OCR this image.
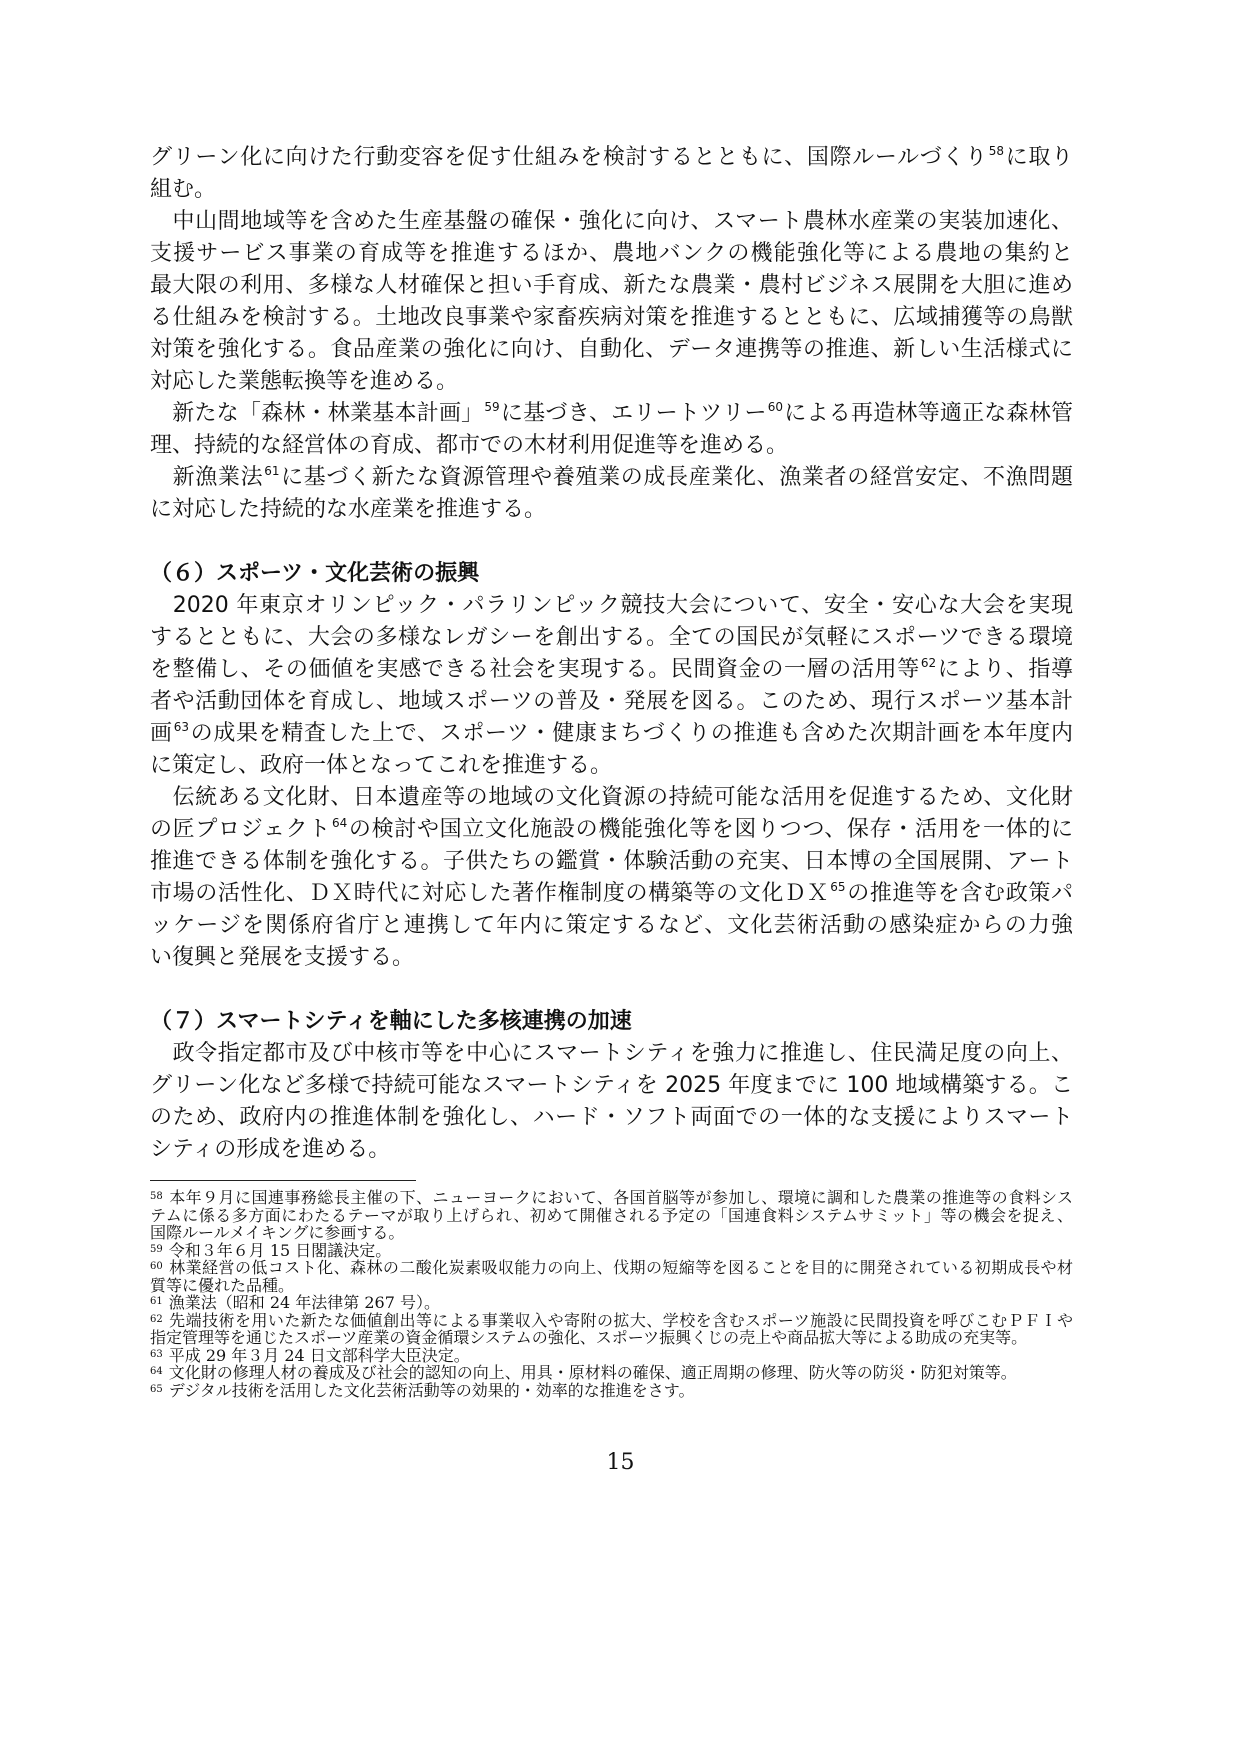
グリーン化に向けた行動変容を促す仕組みを検討するとともに、国際ルールづくり$^{58}$に取り
組む。
　中山間地域等を含めた生産基盤の確保・強化に向け、スマート農林水産業の実装加速化、
支援サービス事業の育成等を推進するほか、農地バンクの機能強化等による農地の集約と
最大限の利用、多様な人材確保と担い手育成、新たな農業・農村ビジネス展開を大胆に進め
る仕組みを検討する。土地改良事業や家畜疾病対策を推進するとともに、広域捕獲等の鳥獣
対策を強化する。食品産業の強化に向け、自動化、データ連携等の推進、新しい生活様式に
対応した業態転換等を進める。
　新たな「森林・林業基本計画」$^{59}$に基づき、エリートツリー$^{60}$による再造林等適正な森林管
理、持続的な経営体の育成、都市での木材利用促進等を進める。
　新漁業法$^{61}$に基づく新たな資源管理や養殖業の成長産業化、漁業者の経営安定、不漁問題
に対応した持続的な水産業を推進する。
（６）スポーツ・文化芸術の振興
　2020 年東京オリンピック・パラリンピック競技大会について、安全・安心な大会を実現
するとともに、大会の多様なレガシーを創出する。全ての国民が気軽にスポーツできる環境
を整備し、その価値を実感できる社会を実現する。民間資金の一層の活用等$^{62}$により、指導
者や活動団体を育成し、地域スポーツの普及・発展を図る。このため、現行スポーツ基本計
画$^{63}$の成果を精査した上で、スポーツ・健康まちづくりの推進も含めた次期計画を本年度内
に策定し、政府一体となってこれを推進する。
　伝統ある文化財、日本遺産等の地域の文化資源の持続可能な活用を促進するため、文化財
の匠プロジェクト$^{64}$の検討や国立文化施設の機能強化等を図りつつ、保存・活用を一体的に
推進できる体制を強化する。子供たちの鑑賞・体験活動の充実、日本博の全国展開、アート
市場の活性化、ＤＸ時代に対応した著作権制度の構築等の文化ＤＸ$^{65}$の推進等を含む政策パ
ッケージを関係府省庁と連携して年内に策定するなど、文化芸術活動の感染症からの力強
い復興と発展を支援する。
（７）スマートシティを軸にした多核連携の加速
　政令指定都市及び中核市等を中心にスマートシティを強力に推進し、住民満足度の向上、
グリーン化など多様で持続可能なスマートシティを 2025 年度までに 100 地域構築する。こ
のため、政府内の推進体制を強化し、ハード・ソフト両面での一体的な支援によりスマート
シティの形成を進める。
$^{58}$ 本年９月に国連事務総長主催の下、ニューヨークにおいて、各国首脳等が参加し、環境に調和した農業の推進等の食料シス
テムに係る多方面にわたるテーマが取り上げられ、初めて開催される予定の「国連食料システムサミット」等の機会を捉え、
国際ルールメイキングに参画する。
$^{59}$ 令和３年６月 15 日閣議決定。
$^{60}$ 林業経営の低コスト化、森林の二酸化炭素吸収能力の向上、伐期の短縮等を図ることを目的に開発されている初期成長や材
質等に優れた品種。
$^{61}$ 漁業法（昭和 24 年法律第 267 号）。
$^{62}$ 先端技術を用いた新たな価値創出等による事業収入や寄附の拡大、学校を含むスポーツ施設に民間投資を呼びこむＰＦＩや
指定管理等を通じたスポーツ産業の資金循環システムの強化、スポーツ振興くじの売上や商品拡大等による助成の充実等。
$^{63}$ 平成 29 年３月 24 日文部科学大臣決定。
$^{64}$ 文化財の修理人材の養成及び社会的認知の向上、用具・原材料の確保、適正周期の修理、防火等の防災・防犯対策等。
$^{65}$ デジタル技術を活用した文化芸術活動等の効果的・効率的な推進をさす。
15
